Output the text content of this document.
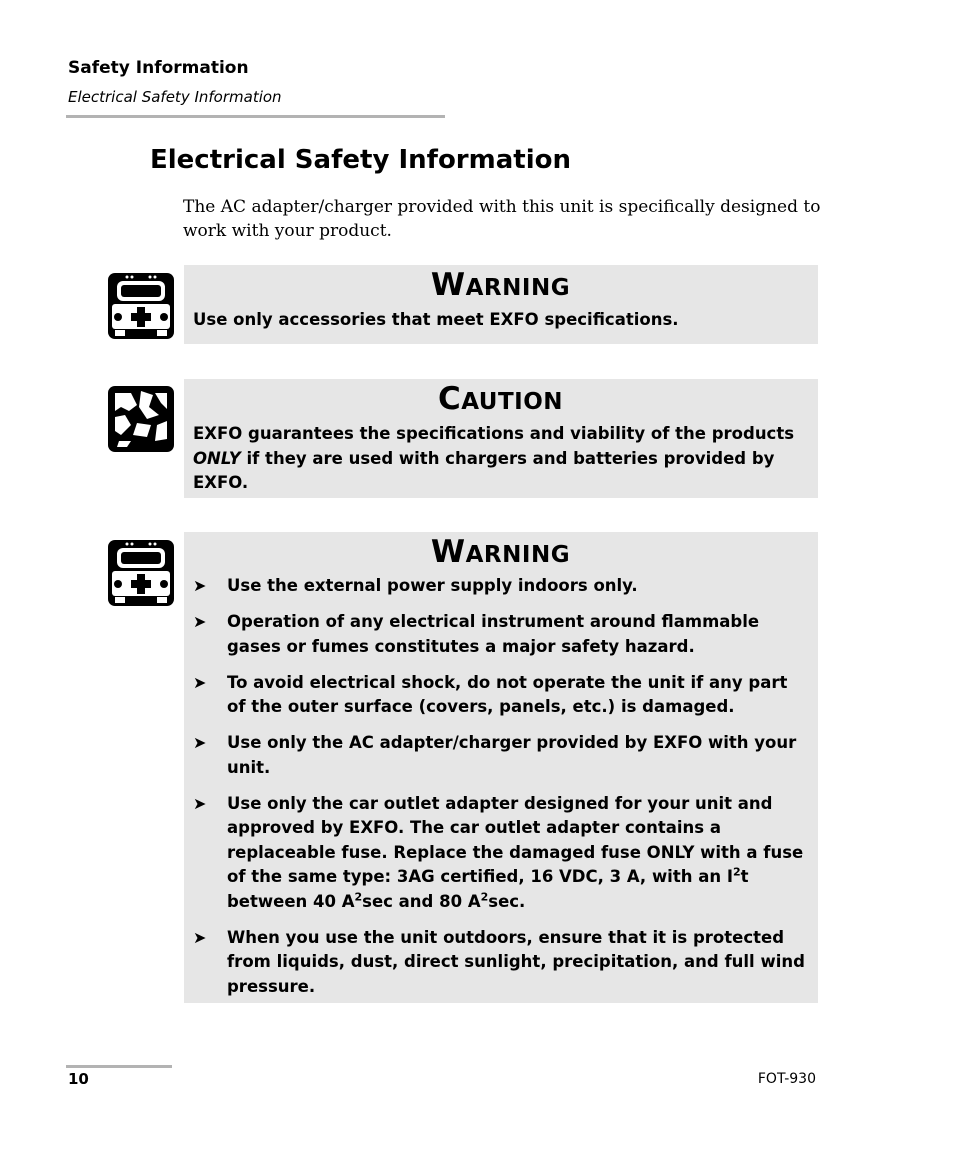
Safety Information
Electrical Safety Information
Electrical Safety Information
The AC adapter/charger provided with this unit is specifically designed to work with your product.
WARNING
Use only accessories that meet EXFO specifications.
CAUTION
EXFO guarantees the specifications and viability of the products ONLY if they are used with chargers and batteries provided by EXFO.
WARNING
➤ Use the external power supply indoors only.
➤ Operation of any electrical instrument around flammable gases or fumes constitutes a major safety hazard.
➤ To avoid electrical shock, do not operate the unit if any part of the outer surface (covers, panels, etc.) is damaged.
➤ Use only the AC adapter/charger provided by EXFO with your unit.
➤ Use only the car outlet adapter designed for your unit and approved by EXFO. The car outlet adapter contains a replaceable fuse. Replace the damaged fuse ONLY with a fuse of the same type: 3AG certified, 16 VDC, 3 A, with an $I^2t$ between 40 $A^2\sec$ and 80 $A^2\sec$.
➤ When you use the unit outdoors, ensure that it is protected from liquids, dust, direct sunlight, precipitation, and full wind pressure.
10	FOT-930
